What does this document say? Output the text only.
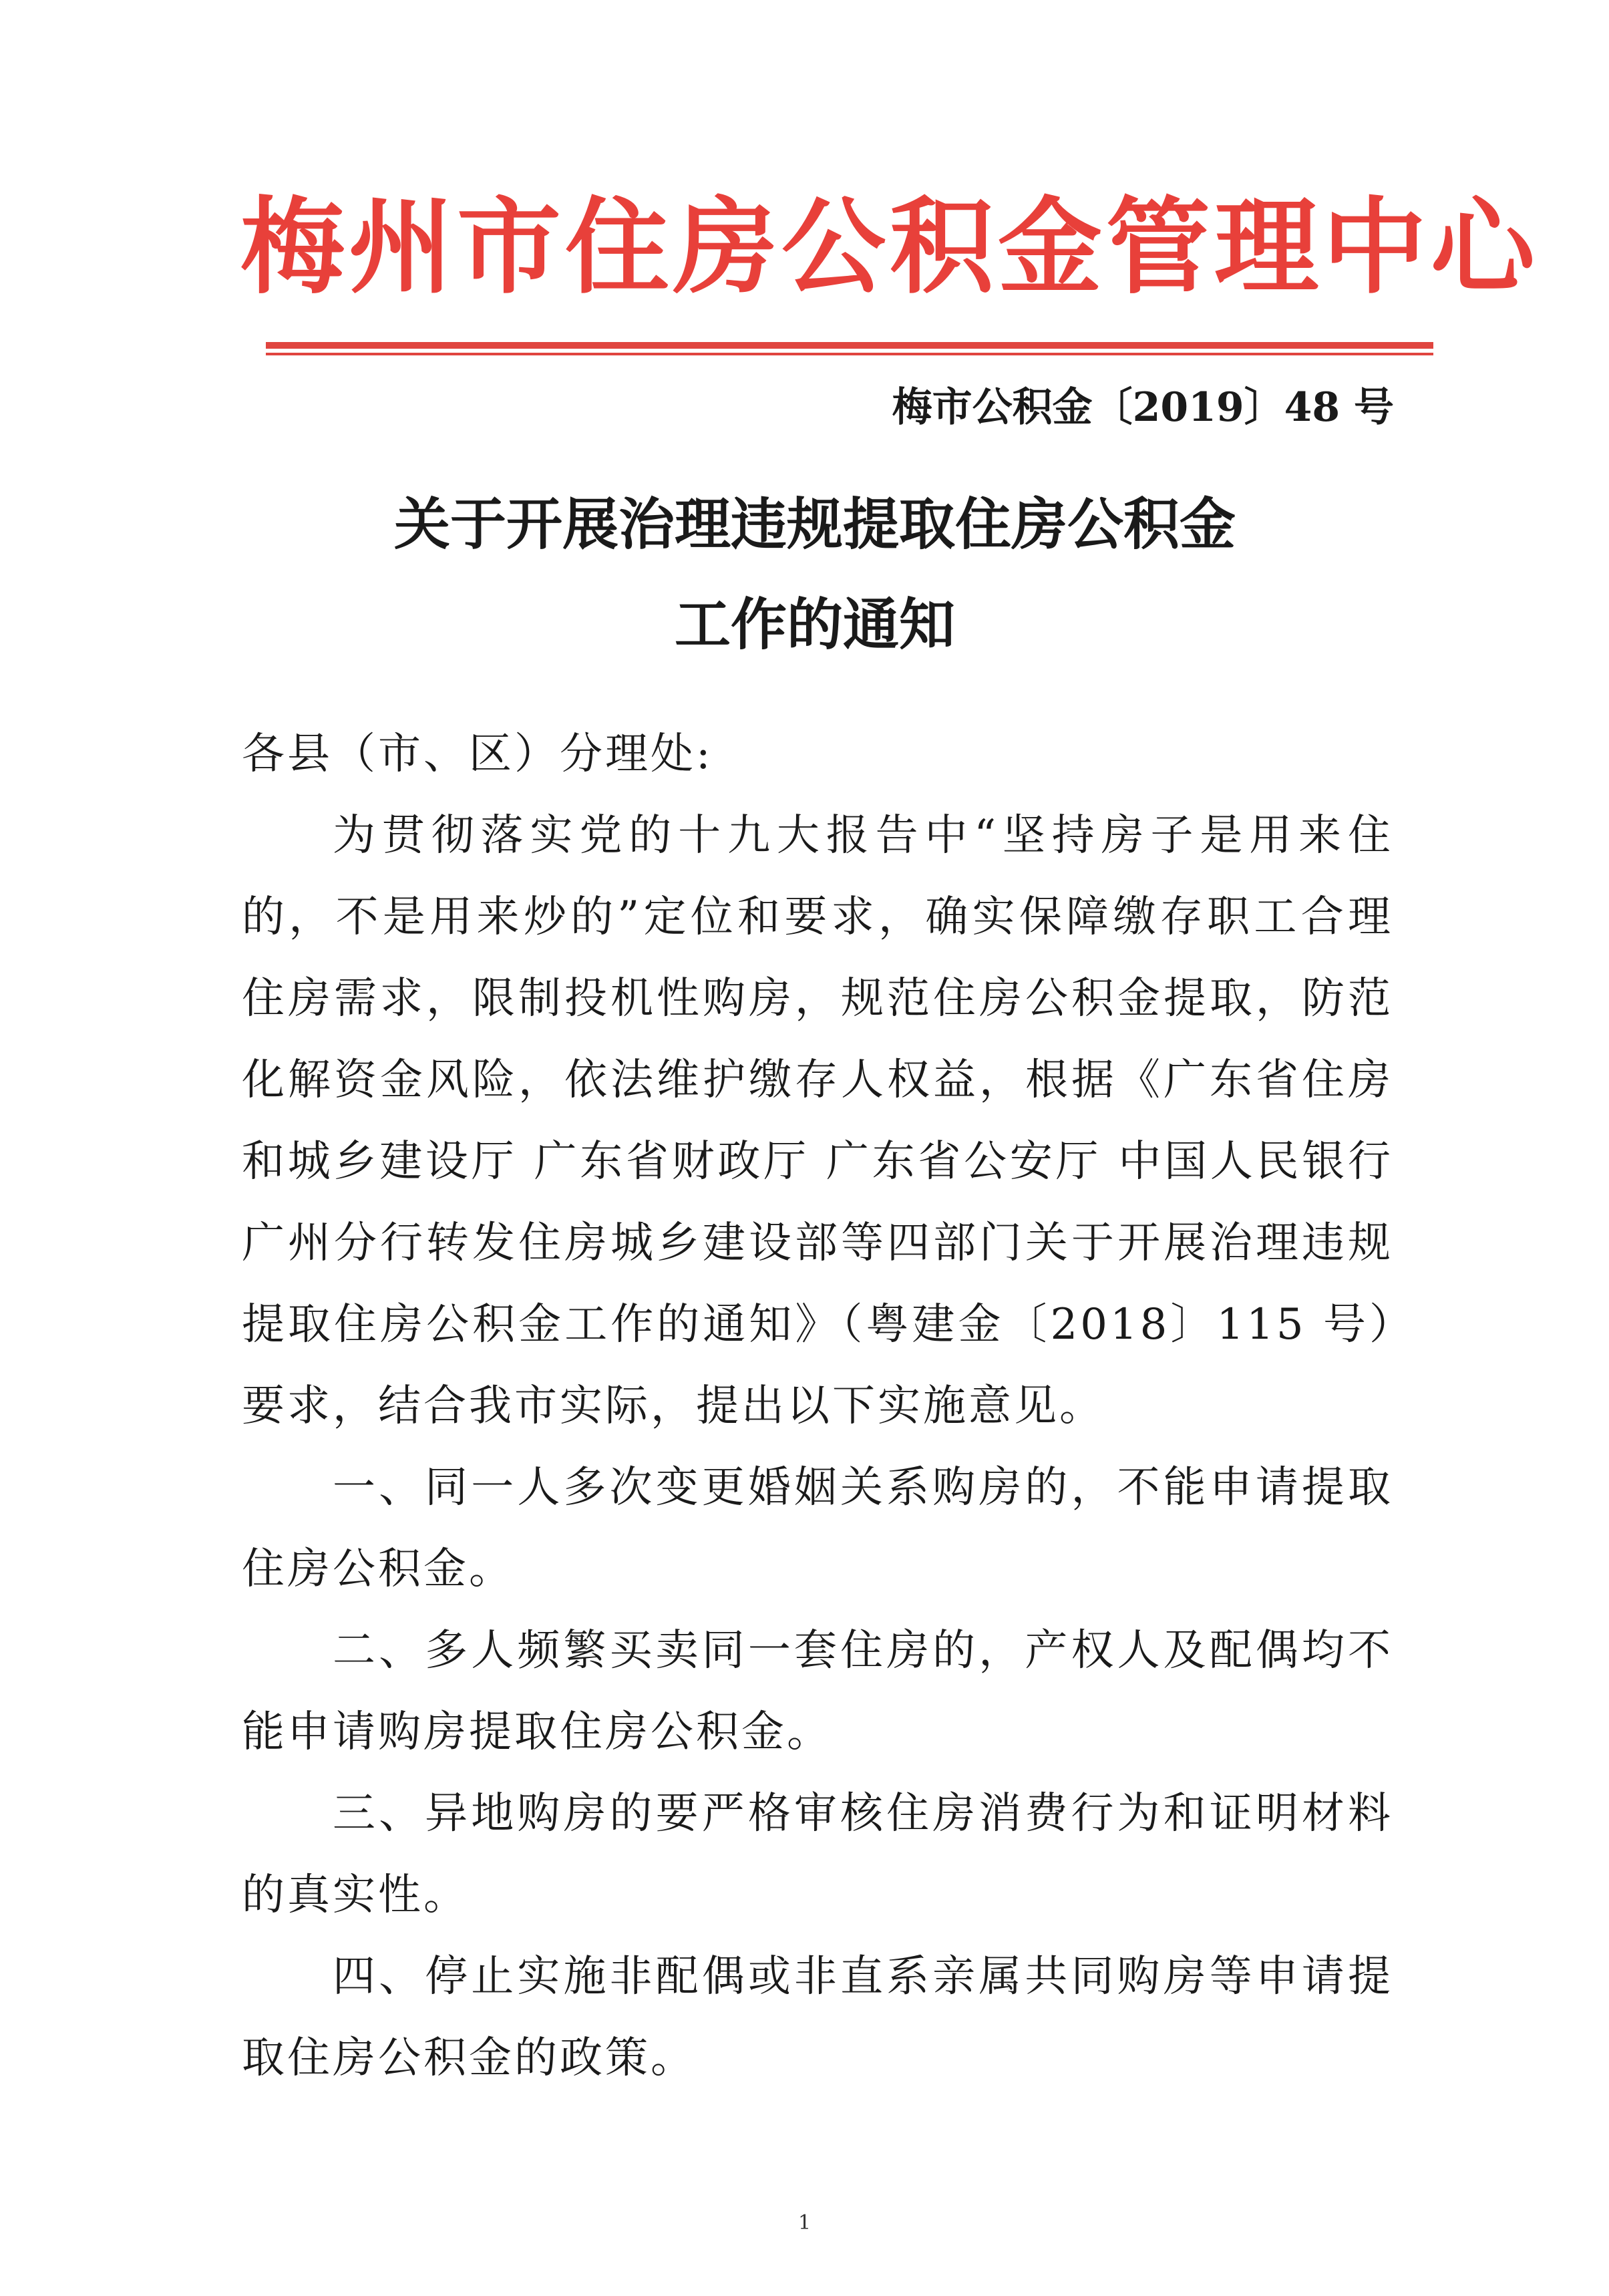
梅州市住房公积金管理中心
梅市公积金〔2019〕48 号
关于开展治理违规提取住房公积金
工作的通知

各县（市、区）分理处:

为贯彻落实党的十九大报告中“坚持房子是用来住的，不是用来炒的”定位和要求，确实保障缴存职工合理住房需求，限制投机性购房，规范住房公积金提取，防范化解资金风险，依法维护缴存人权益，根据《广东省住房和城乡建设厅 广东省财政厅 广东省公安厅 中国人民银行广州分行转发住房城乡建设部等四部门关于开展治理违规提取住房公积金工作的通知》（粤建金〔2018〕115 号）要求，结合我市实际，提出以下实施意见。

一、同一人多次变更婚姻关系购房的，不能申请提取住房公积金。

二、多人频繁买卖同一套住房的，产权人及配偶均不能申请购房提取住房公积金。

三、异地购房的要严格审核住房消费行为和证明材料的真实性。

四、停止实施非配偶或非直系亲属共同购房等申请提取住房公积金的政策。

1
